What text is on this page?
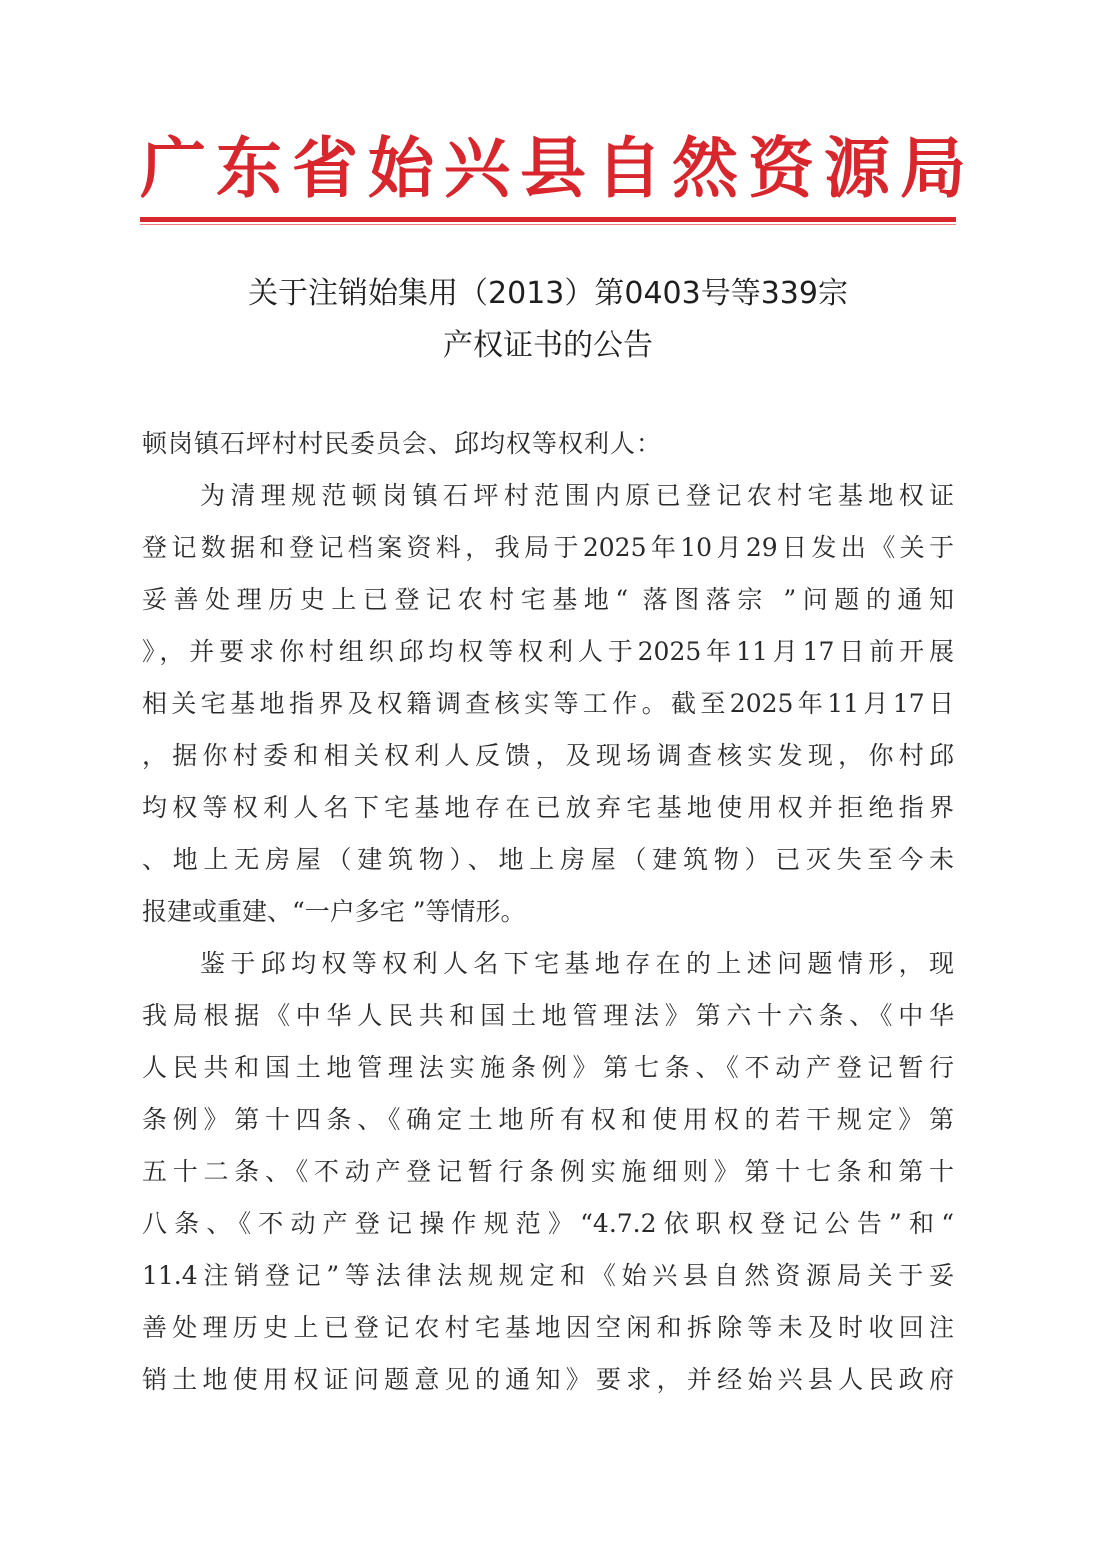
广东省始兴县自然资源局
关于注销始集用（2013）第0403号等339宗
产权证书的公告
顿岗镇石坪村村民委员会、邱均权等权利人：
为清理规范顿岗镇石坪村范围内原已登记农村宅基地权证
登记数据和登记档案资料，我局于2025年10月29日发出《关于
妥善处理历史上已登记农村宅基地“ 落图落宗 ”问题的通知
》，并要求你村组织邱均权等权利人于2025年11月17日前开展
相关宅基地指界及权籍调查核实等工作。截至2025年11月17日
，据你村委和相关权利人反馈，及现场调查核实发现，你村邱
均权等权利人名下宅基地存在已放弃宅基地使用权并拒绝指界
、地上无房屋（建筑物）、地上房屋（建筑物）已灭失至今未
报建或重建、“一户多宅 ”等情形。
鉴于邱均权等权利人名下宅基地存在的上述问题情形，现
我局根据《中华人民共和国土地管理法》第六十六条、《中华
人民共和国土地管理法实施条例》第七条、《不动产登记暂行
条例》第十四条、《确定土地所有权和使用权的若干规定》第
五十二条、《不动产登记暂行条例实施细则》第十七条和第十
八条、《不动产登记操作规范》“4.7.2依职权登记公告”和“
11.4注销登记”等法律法规规定和《始兴县自然资源局关于妥
善处理历史上已登记农村宅基地因空闲和拆除等未及时收回注
销土地使用权证问题意见的通知》要求，并经始兴县人民政府
